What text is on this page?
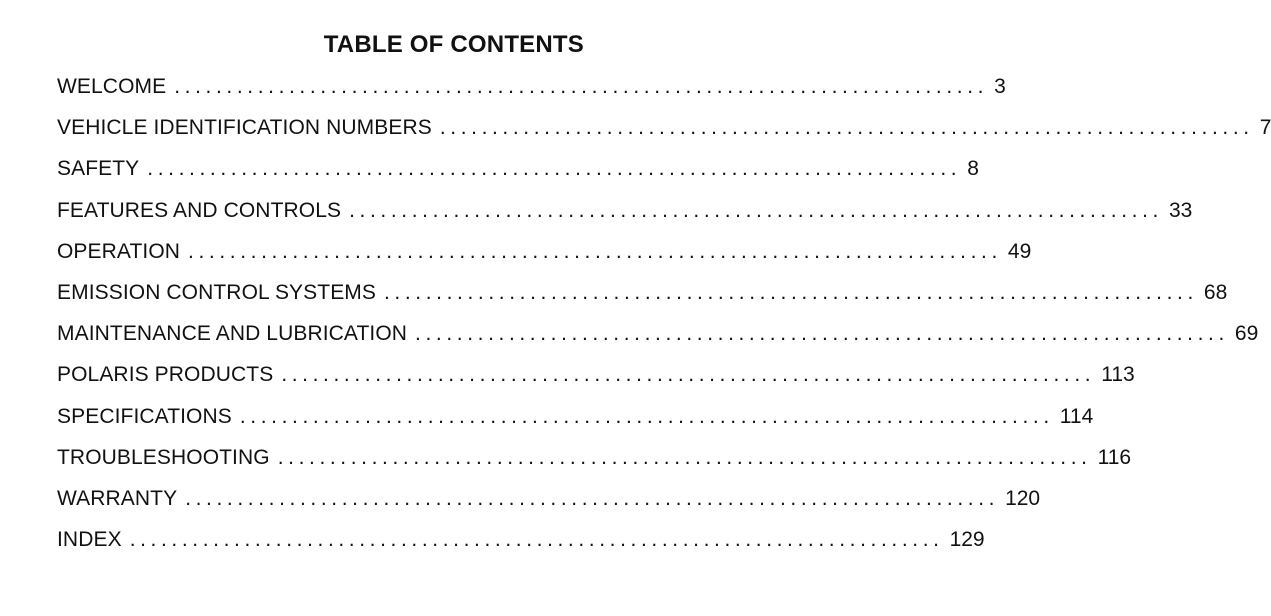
TABLE OF CONTENTS
WELCOME .............................................................................. 3
VEHICLE IDENTIFICATION NUMBERS .............................................................................. 7
SAFETY .............................................................................. 8
FEATURES AND CONTROLS .............................................................................. 33
OPERATION .............................................................................. 49
EMISSION CONTROL SYSTEMS .............................................................................. 68
MAINTENANCE AND LUBRICATION .............................................................................. 69
POLARIS PRODUCTS .............................................................................. 113
SPECIFICATIONS .............................................................................. 114
TROUBLESHOOTING .............................................................................. 116
WARRANTY .............................................................................. 120
INDEX .............................................................................. 129
